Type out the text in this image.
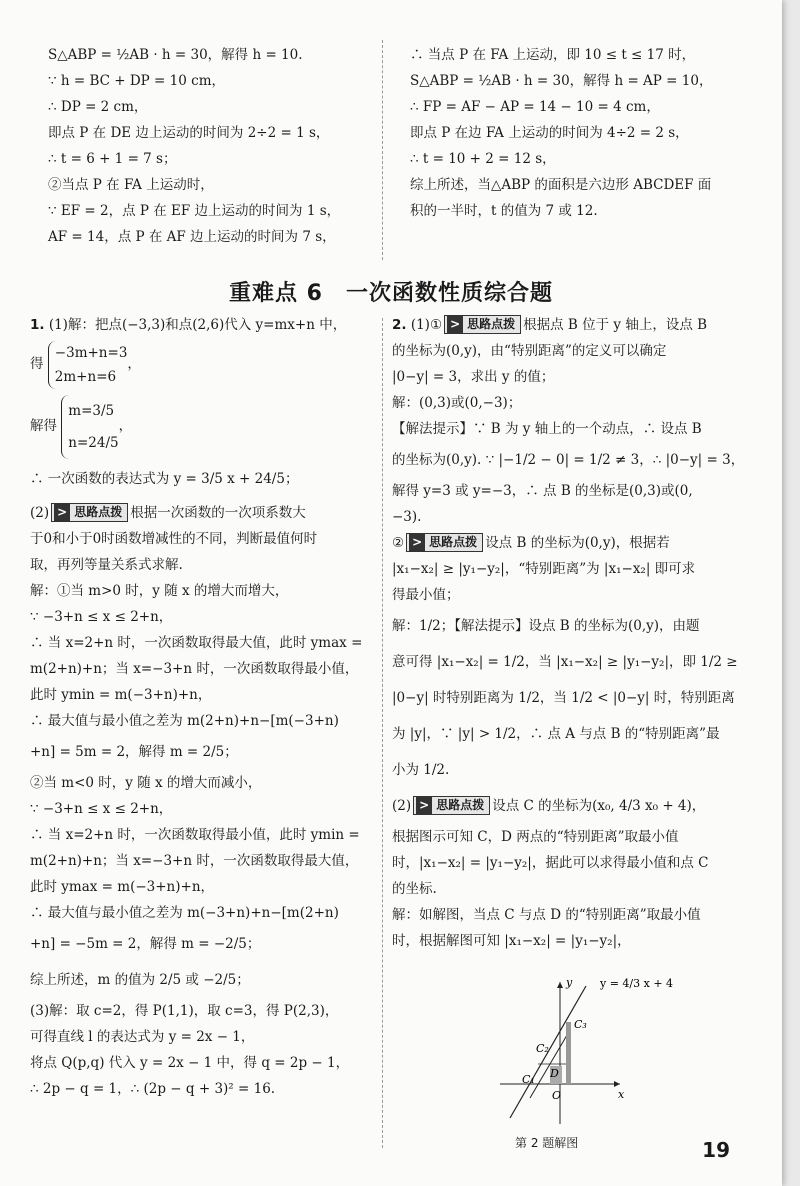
S△ABP = ½AB · h = 30，解得 h = 10.
∵ h = BC + DP = 10 cm，
∴ DP = 2 cm，
即点 P 在 DE 边上运动的时间为 2÷2 = 1 s，
∴ t = 6 + 1 = 7 s；
②当点 P 在 FA 上运动时，
∵ EF = 2，点 P 在 EF 边上运动的时间为 1 s，
AF = 14，点 P 在 AF 边上运动的时间为 7 s，
∴ 当点 P 在 FA 上运动，即 10 ≤ t ≤ 17 时，
S△ABP = ½AB · h = 30，解得 h = AP = 10，
∴ FP = AF − AP = 14 − 10 = 4 cm，
即点 P 在边 FA 上运动的时间为 4÷2 = 2 s，
∴ t = 10 + 2 = 12 s，
综上所述，当△ABP 的面积是六边形 ABCDEF 面
积的一半时，t 的值为 7 或 12.
重难点 6　一次函数性质综合题
1. (1)解：把点(−3,3)和点(2,6)代入 y=mx+n 中，
得
−3m+n=3
2m+n=6
，
解得
m=3/5
n=24/5
，
∴ 一次函数的表达式为 y = 3/5 x + 24/5；
(2) > 思路点拨 根据一次函数的一次项系数大
于0和小于0时函数增减性的不同，判断最值何时
取，再列等量关系式求解.
解：①当 m>0 时，y 随 x 的增大而增大，
∵ −3+n ≤ x ≤ 2+n，
∴ 当 x=2+n 时，一次函数取得最大值，此时 ymax =
m(2+n)+n；当 x=−3+n 时，一次函数取得最小值，
此时 ymin = m(−3+n)+n，
∴ 最大值与最小值之差为 m(2+n)+n−[m(−3+n)
+n] = 5m = 2，解得 m = 2/5；
②当 m<0 时，y 随 x 的增大而减小，
∵ −3+n ≤ x ≤ 2+n，
∴ 当 x=2+n 时，一次函数取得最小值，此时 ymin =
m(2+n)+n；当 x=−3+n 时，一次函数取得最大值，
此时 ymax = m(−3+n)+n，
∴ 最大值与最小值之差为 m(−3+n)+n−[m(2+n)
+n] = −5m = 2，解得 m = −2/5；
综上所述，m 的值为 2/5 或 −2/5；
(3)解：取 c=2，得 P(1,1)，取 c=3，得 P(2,3)，
可得直线 l 的表达式为 y = 2x − 1，
将点 Q(p,q) 代入 y = 2x − 1 中，得 q = 2p − 1，
∴ 2p − q = 1，∴ (2p − q + 3)² = 16.
2. (1)① > 思路点拨 根据点 B 位于 y 轴上，设点 B
的坐标为(0,y)，由“特别距离”的定义可以确定
|0−y| = 3，求出 y 的值；
解：(0,3)或(0,−3)；
【解法提示】∵ B 为 y 轴上的一个动点，∴ 设点 B
的坐标为(0,y). ∵ |−1/2 − 0| = 1/2 ≠ 3，∴ |0−y| = 3，
解得 y=3 或 y=−3，∴ 点 B 的坐标是(0,3)或(0,
−3).
② > 思路点拨 设点 B 的坐标为(0,y)，根据若
|x₁−x₂| ≥ |y₁−y₂|，“特别距离”为 |x₁−x₂| 即可求
得最小值；
解：1/2；【解法提示】设点 B 的坐标为(0,y)，由题
意可得 |x₁−x₂| = 1/2，当 |x₁−x₂| ≥ |y₁−y₂|，即 1/2 ≥
|0−y| 时特别距离为 1/2，当 1/2 < |0−y| 时，特别距离
为 |y|，∵ |y| > 1/2，∴ 点 A 与点 B 的“特别距离”最
小为 1/2.
(2) > 思路点拨 设点 C 的坐标为(x₀, 4/3 x₀ + 4)，
根据图示可知 C，D 两点的“特别距离”取最小值
时，|x₁−x₂| = |y₁−y₂|，据此可以求得最小值和点 C
的坐标.
解：如解图，当点 C 与点 D 的“特别距离”取最小值
时，根据解图可知 |x₁−x₂| = |y₁−y₂|，
y = 4/3 x + 4
y
x
O
C₁
C₂
C₃
D
第 2 题解图	19
